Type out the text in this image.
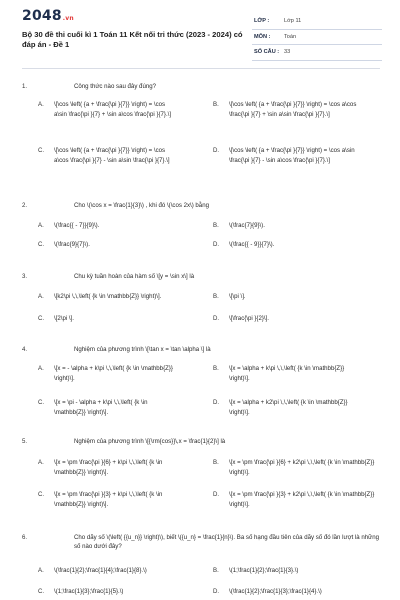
2048.vn
Bộ 30 đề thi cuối kì 1 Toán 11 Kết nối tri thức (2023 - 2024) có đáp án - Đề 1
LỚP :	Lớp 11
MÔN : Toán
SỐ CÂU : 33
1.	Công thức nào sau đây đúng?
A. \[\cos \left( {a + \frac{\pi }{7}} \right) = \cos a\sin \frac{\pi }{7} + \sin a\cos \frac{\pi }{7}.\]
B. \[\cos \left( {a + \frac{\pi }{7}} \right) = \cos a\cos \frac{\pi }{7} + \sin a\sin \frac{\pi }{7}.\]
C. \[\cos \left( {a + \frac{\pi }{7}} \right) = \cos a\cos \frac{\pi }{7} - \sin a\sin \frac{\pi }{7}.\]
D. \[\cos \left( {a + \frac{\pi }{7}} \right) = \cos a\sin \frac{\pi }{7} - \sin a\cos \frac{\pi }{7}.\]
2.	Cho \(\cos x = \frac{1}{3}\) , khi đó \(\cos 2x\) bằng
A. \(\frac{{ - 7}}{9}\).	B. \(\frac{7}{9}\).
C. \(\frac{9}{7}\).	D. \(\frac{{ - 9}}{7}\).
3.	Chu kỳ tuần hoàn của hàm số \[y = \sin x\] là
A. \[k2\pi \,\,\left( {k \in \mathbb{Z}} \right)\].	B. \[\pi \].
C. \[2\pi \].	D. \[\frac{\pi }{2}\].
4.	Nghiệm của phương trình \[\tan x = \tan \alpha \] là
A. \[x = - \alpha + k\pi \,\,\left( {k \in \mathbb{Z}} \right)\].
B. \[x = \alpha + k\pi \,\,\left( {k \in \mathbb{Z}} \right)\].
C. \[x = \pi - \alpha + k\pi \,\,\left( {k \in \mathbb{Z}} \right)\].
D. \[x = \alpha + k2\pi \,\,\left( {k \in \mathbb{Z}} \right)\].
5.	Nghiệm của phương trình \[{\rm{cos}}\,x = \frac{1}{2}\] là
A. \[x = \pm \frac{\pi }{6} + k\pi \,\,\left( {k \in \mathbb{Z}} \right)\].
B. \[x = \pm \frac{\pi }{6} + k2\pi \,\,\left( {k \in \mathbb{Z}} \right)\].
C. \[x = \pm \frac{\pi }{3} + k\pi \,\,\left( {k \in \mathbb{Z}} \right)\].
D. \[x = \pm \frac{\pi }{3} + k2\pi \,\,\left( {k \in \mathbb{Z}} \right)\].
6.	Cho dãy số \(\left( {{u_n}} \right)\), biết \({u_n} = \frac{1}{n}\). Ba số hạng đầu tiên của dãy số đó lần lượt là những số nào dưới đây?
A. \(\frac{1}{2};\frac{1}{4};\frac{1}{8}.\)	B. \(1;\frac{1}{2};\frac{1}{3}.\)
C. \(1;\frac{1}{3};\frac{1}{5}.\)	D. \(\frac{1}{2};\frac{1}{3};\frac{1}{4}.\)
